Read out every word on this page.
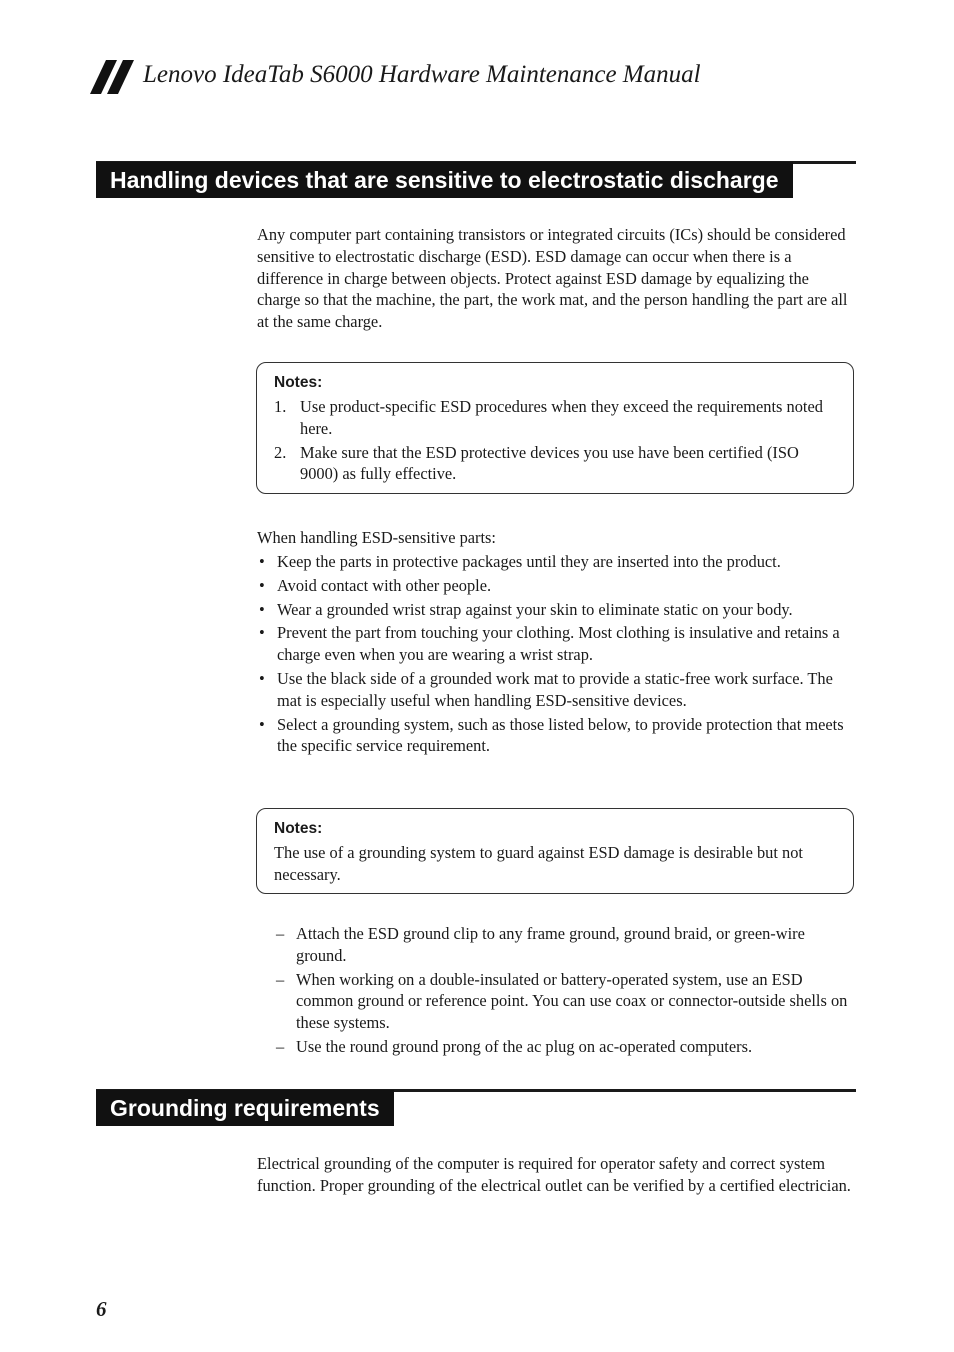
Lenovo IdeaTab S6000 Hardware Maintenance Manual
Handling devices that are sensitive to electrostatic discharge

Any computer part containing transistors or integrated circuits (ICs) should be considered sensitive to electrostatic discharge (ESD). ESD damage can occur when there is a difference in charge between objects. Protect against ESD damage by equalizing the charge so that the machine, the part, the work mat, and the person handling the part are all at the same charge.

Notes:

1. Use product-specific ESD procedures when they exceed the requirements noted here.
2. Make sure that the ESD protective devices you use have been certified (ISO 9000) as fully effective.

When handling ESD-sensitive parts:

• Keep the parts in protective packages until they are inserted into the product.
• Avoid contact with other people.
• Wear a grounded wrist strap against your skin to eliminate static on your body.
• Prevent the part from touching your clothing. Most clothing is insulative and retains a charge even when you are wearing a wrist strap.
• Use the black side of a grounded work mat to provide a static-free work surface. The mat is especially useful when handling ESD-sensitive devices.
• Select a grounding system, such as those listed below, to provide protection that meets the specific service requirement.

Notes:

The use of a grounding system to guard against ESD damage is desirable but not necessary.

– Attach the ESD ground clip to any frame ground, ground braid, or green-wire ground.
– When working on a double-insulated or battery-operated system, use an ESD common ground or reference point. You can use coax or connector-outside shells on these systems.
– Use the round ground prong of the ac plug on ac-operated computers.
Grounding requirements

Electrical grounding of the computer is required for operator safety and correct system function. Proper grounding of the electrical outlet can be verified by a certified electrician.

6
